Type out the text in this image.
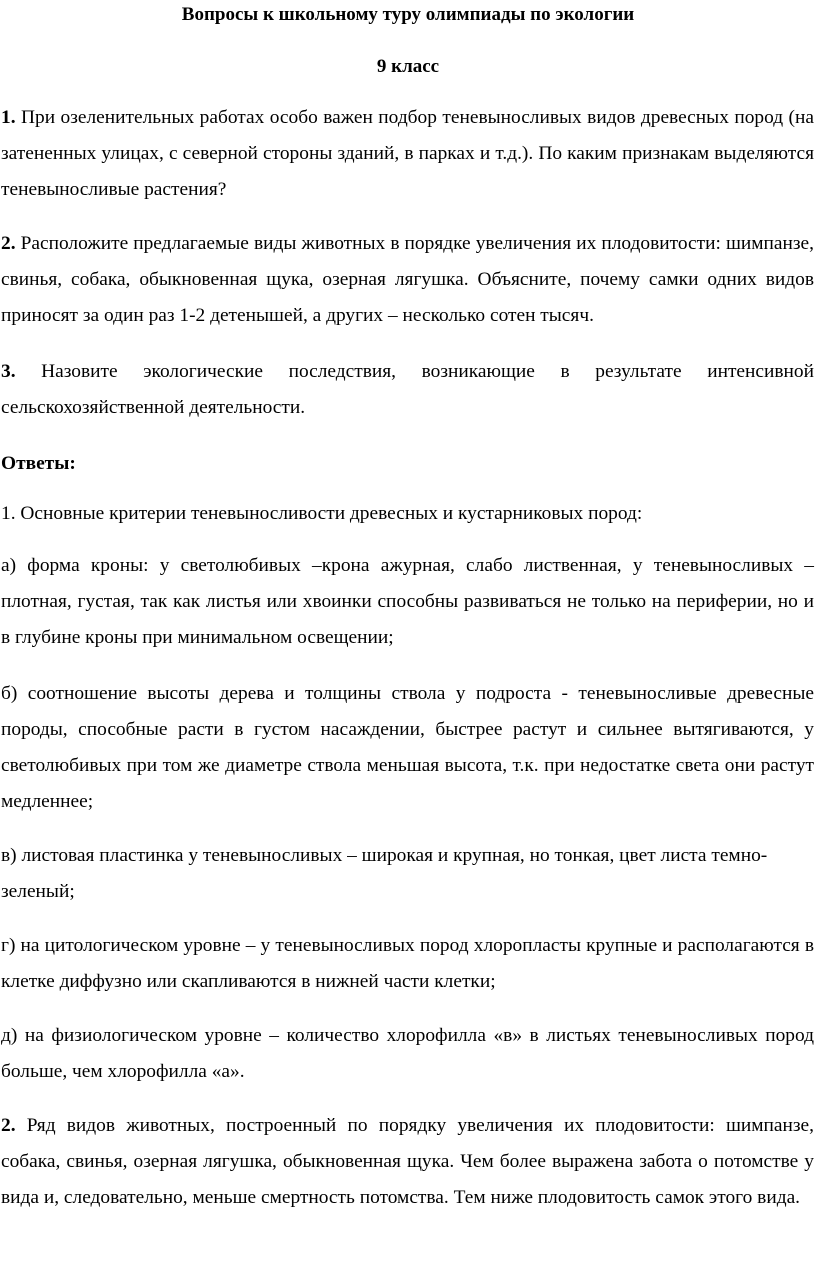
Вопросы к школьному туру олимпиады по экологии
9 класс

1. При озеленительных работах особо важен подбор теневыносливых видов древесных пород (на затененных улицах, с северной стороны зданий, в парках и т.д.). По каким признакам выделяются теневыносливые растения?

2. Расположите предлагаемые виды животных в порядке увеличения их плодовитости: шимпанзе, свинья, собака, обыкновенная щука, озерная лягушка. Объясните, почему самки одних видов приносят за один раз 1-2 детенышей, а других – несколько сотен тысяч.

3. Назовите экологические последствия, возникающие в результате интенсивной сельскохозяйственной деятельности.

Ответы:

1. Основные критерии теневыносливости древесных и кустарниковых пород:

а) форма кроны: у светолюбивых –крона ажурная, слабо лиственная, у теневыносливых – плотная, густая, так как листья или хвоинки способны развиваться не только на периферии, но и в глубине кроны при минимальном освещении;

б) соотношение высоты дерева и толщины ствола у подроста - теневыносливые древесные породы, способные расти в густом насаждении, быстрее растут и сильнее вытягиваются, у светолюбивых при том же диаметре ствола меньшая высота, т.к. при недостатке света они растут медленнее;

в) листовая пластинка у теневыносливых – широкая и крупная, но тонкая, цвет листа темно-зеленый;

г) на цитологическом уровне – у теневыносливых пород хлоропласты крупные и располагаются в клетке диффузно или скапливаются в нижней части клетки;

д) на физиологическом уровне – количество хлорофилла «в» в листьях теневыносливых пород больше, чем хлорофилла «а».

2. Ряд видов животных, построенный по порядку увеличения их плодовитости: шимпанзе, собака, свинья, озерная лягушка, обыкновенная щука. Чем более выражена забота о потомстве у вида и, следовательно, меньше смертность потомства. Тем ниже плодовитость самок этого вида.
